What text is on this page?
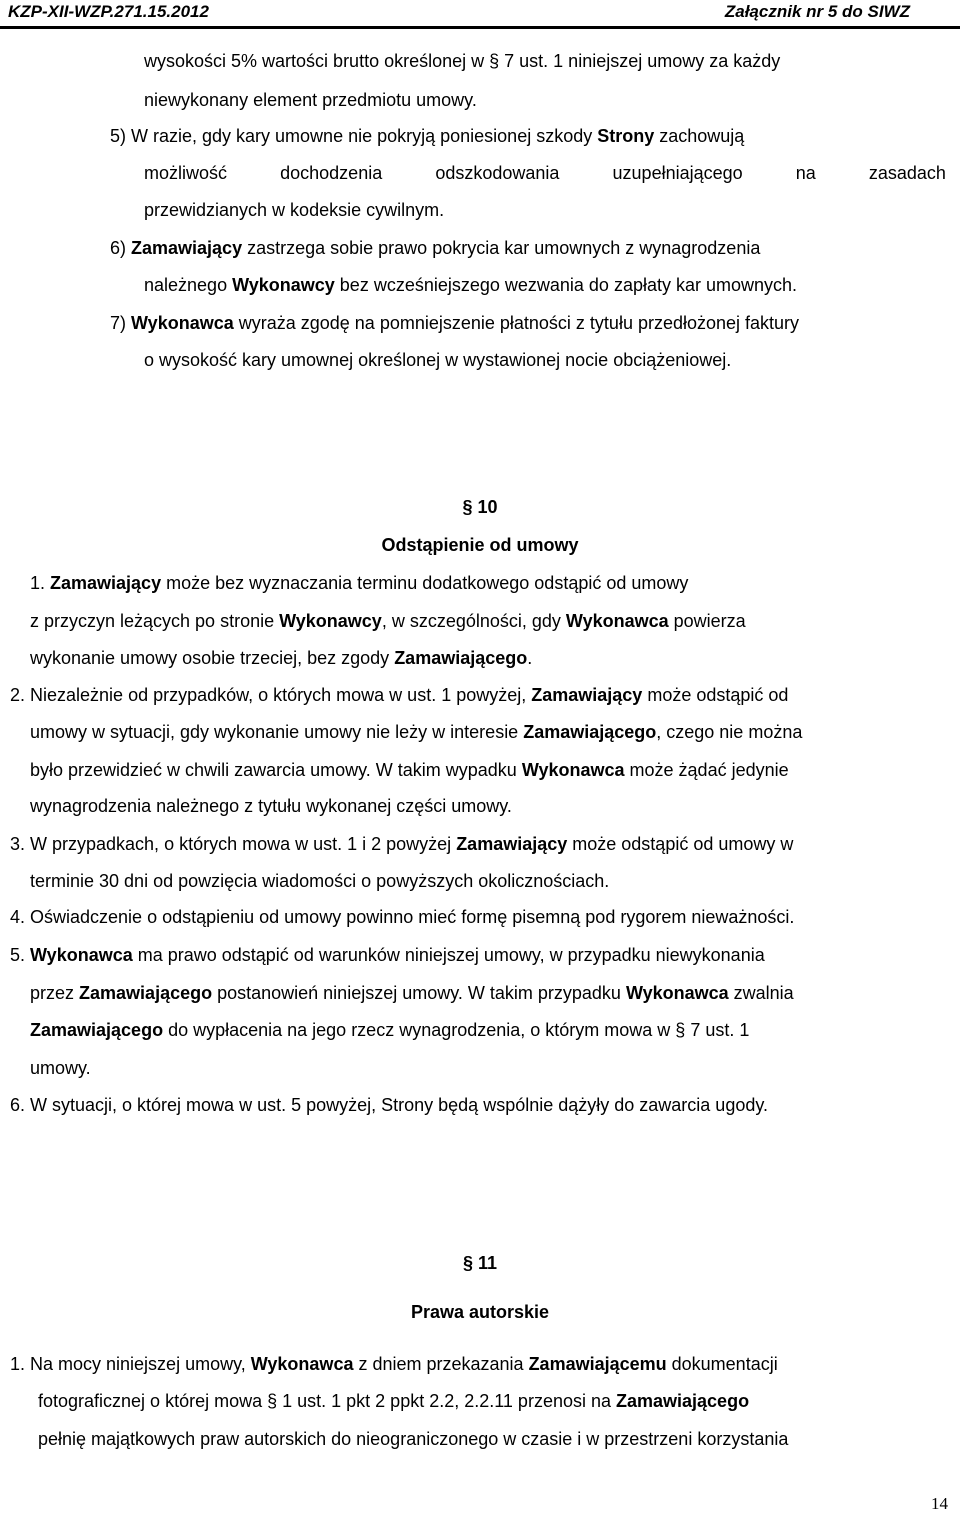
KZP-XII-WZP.271.15.2012	Załącznik nr 5 do SIWZ
wysokości 5% wartości brutto określonej w § 7 ust. 1 niniejszej umowy za każdy
niewykonany element przedmiotu umowy.
5) W razie, gdy kary umowne nie pokryją poniesionej szkody Strony zachowują
możliwość	dochodzenia	odszkodowania	uzupełniającego	na	zasadach
przewidzianych w kodeksie cywilnym.
6) Zamawiający zastrzega sobie prawo pokrycia kar umownych z wynagrodzenia
należnego Wykonawcy bez wcześniejszego wezwania do zapłaty kar umownych.
7) Wykonawca wyraża zgodę na pomniejszenie płatności z tytułu przedłożonej faktury
o wysokość kary umownej określonej w wystawionej nocie obciążeniowej.
§ 10
Odstąpienie od umowy
1. Zamawiający może bez wyznaczania terminu dodatkowego odstąpić od umowy
z przyczyn leżących po stronie Wykonawcy, w szczególności, gdy Wykonawca powierza
wykonanie umowy osobie trzeciej, bez zgody Zamawiającego.
2. Niezależnie od przypadków, o których mowa w ust. 1 powyżej, Zamawiający może odstąpić od
umowy w sytuacji, gdy wykonanie umowy nie leży w interesie Zamawiającego, czego nie można
było przewidzieć w chwili zawarcia umowy. W takim wypadku Wykonawca może żądać jedynie
wynagrodzenia należnego z tytułu wykonanej części umowy.
3. W przypadkach, o których mowa w ust. 1 i 2 powyżej Zamawiający może odstąpić od umowy w
terminie 30 dni od powzięcia wiadomości o powyższych okolicznościach.
4. Oświadczenie o odstąpieniu od umowy powinno mieć formę pisemną pod rygorem nieważności.
5. Wykonawca ma prawo odstąpić od warunków niniejszej umowy, w przypadku niewykonania
przez Zamawiającego postanowień niniejszej umowy. W takim przypadku Wykonawca zwalnia
Zamawiającego do wypłacenia na jego rzecz wynagrodzenia, o którym mowa w § 7 ust. 1
umowy.
6. W sytuacji, o której mowa w ust. 5 powyżej, Strony będą wspólnie dążyły do zawarcia ugody.
§ 11
Prawa autorskie
1. Na mocy niniejszej umowy, Wykonawca z dniem przekazania Zamawiającemu dokumentacji
fotograficznej o której mowa § 1 ust. 1 pkt 2 ppkt 2.2, 2.2.11 przenosi na Zamawiającego
pełnię majątkowych praw autorskich do nieograniczonego w czasie i w przestrzeni korzystania
14
